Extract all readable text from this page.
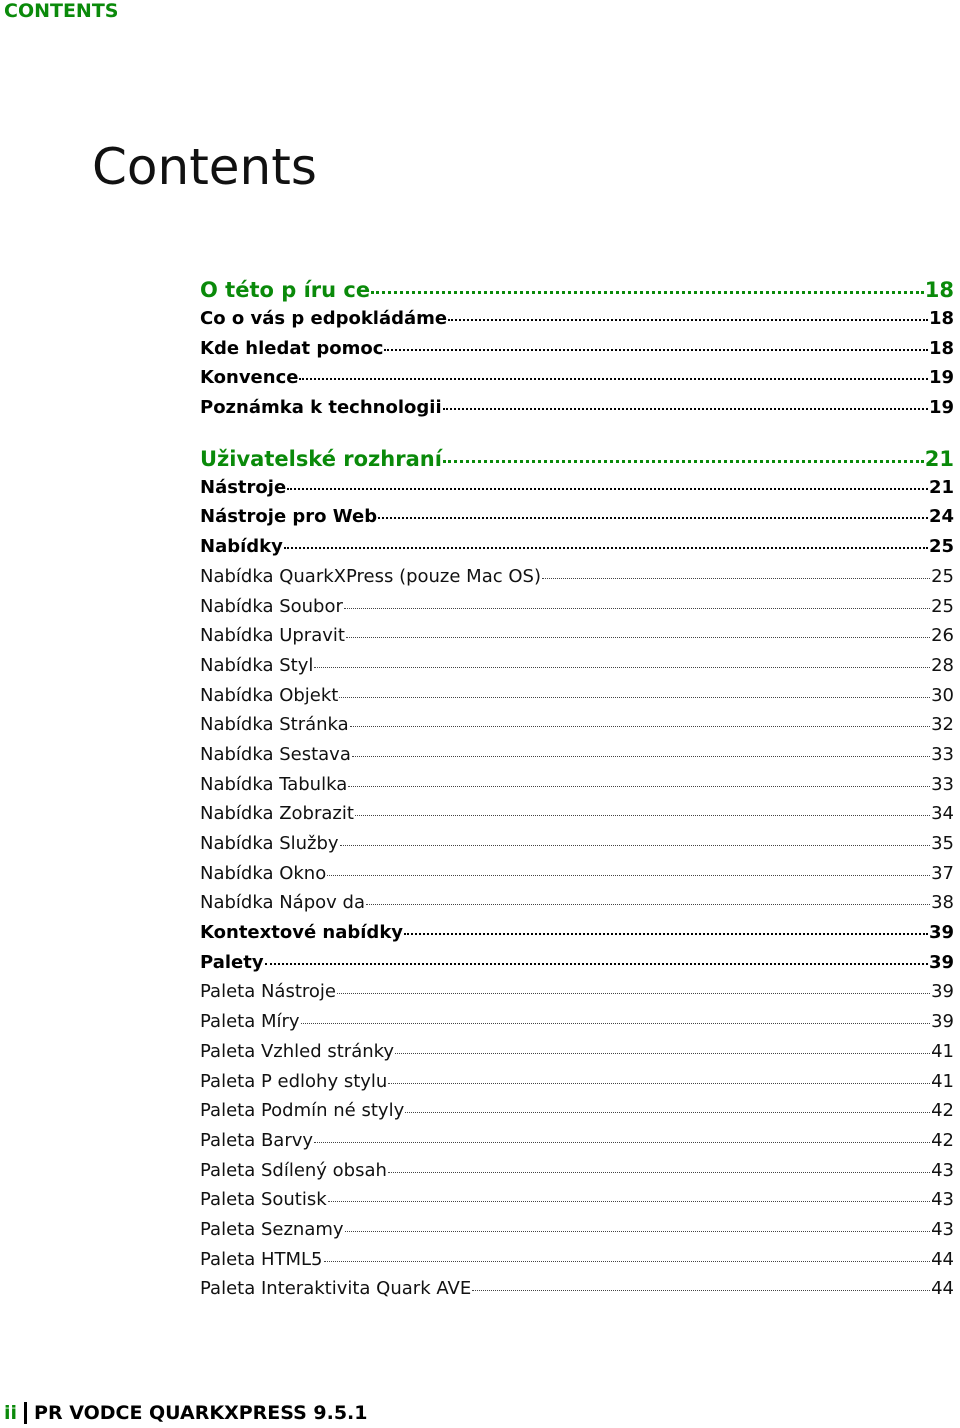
CONTENTS
Contents
O této p íru ce	18
Co o vás p edpokládáme	18
Kde hledat pomoc	18
Konvence	19
Poznámka k technologii	19
Uživatelské rozhraní	21
Nástroje	21
Nástroje pro Web	24
Nabídky	25
Nabídka QuarkXPress (pouze Mac OS)	25
Nabídka Soubor	25
Nabídka Upravit	26
Nabídka Styl	28
Nabídka Objekt	30
Nabídka Stránka	32
Nabídka Sestava	33
Nabídka Tabulka	33
Nabídka Zobrazit	34
Nabídka Služby	35
Nabídka Okno	37
Nabídka Nápov da	38
Kontextové nabídky	39
Palety	39
Paleta Nástroje	39
Paleta Míry	39
Paleta Vzhled stránky	41
Paleta P edlohy stylu	41
Paleta Podmín né styly	42
Paleta Barvy	42
Paleta Sdílený obsah	43
Paleta Soutisk	43
Paleta Seznamy	43
Paleta HTML5	44
Paleta Interaktivita Quark AVE	44
ii PR VODCE QUARKXPRESS 9.5.1
